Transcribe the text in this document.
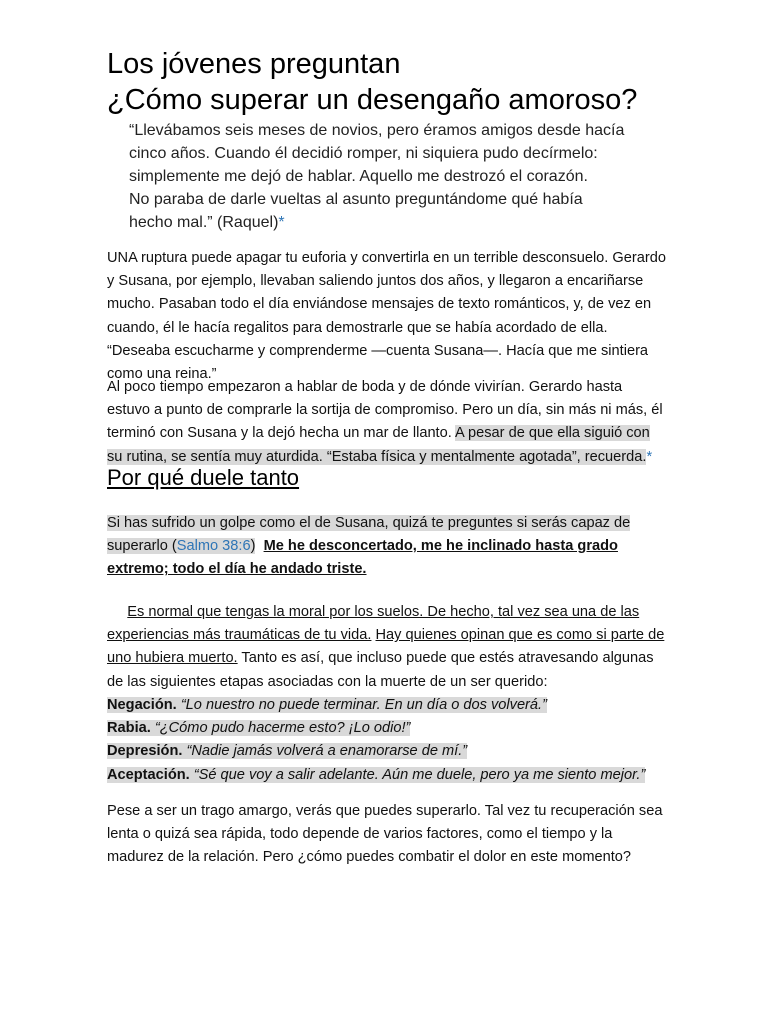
Los jóvenes preguntan
¿Cómo superar un desengaño amoroso?

“Llevábamos seis meses de novios, pero éramos amigos desde hacía
cinco años. Cuando él decidió romper, ni siquiera pudo decírmelo:
simplemente me dejó de hablar. Aquello me destrozó el corazón.
No paraba de darle vueltas al asunto preguntándome qué había
hecho mal.” (Raquel)*

UNA ruptura puede apagar tu euforia y convertirla en un terrible desconsuelo. Gerardo y Susana, por ejemplo, llevaban saliendo juntos dos años, y llegaron a encariñarse mucho. Pasaban todo el día enviándose mensajes de texto románticos, y, de vez en cuando, él le hacía regalitos para demostrarle que se había acordado de ella. “Deseaba escucharme y comprenderme —cuenta Susana—. Hacía que me sintiera como una reina.”

Al poco tiempo empezaron a hablar de boda y de dónde vivirían. Gerardo hasta estuvo a punto de comprarle la sortija de compromiso. Pero un día, sin más ni más, él terminó con Susana y la dejó hecha un mar de llanto. A pesar de que ella siguió con su rutina, se sentía muy aturdida. “Estaba física y mentalmente agotada”, recuerda.*

Por qué duele tanto

Si has sufrido un golpe como el de Susana, quizá te preguntes si serás capaz de superarlo (Salmo 38:6) Me he desconcertado, me he inclinado hasta grado extremo; todo el día he andado triste.

Es normal que tengas la moral por los suelos. De hecho, tal vez sea una de las experiencias más traumáticas de tu vida. Hay quienes opinan que es como si parte de uno hubiera muerto. Tanto es así, que incluso puede que estés atravesando algunas de las siguientes etapas asociadas con la muerte de un ser querido:

Negación. “Lo nuestro no puede terminar. En un día o dos volverá.”
Rabia. “¿Cómo pudo hacerme esto? ¡Lo odio!”
Depresión. “Nadie jamás volverá a enamorarse de mí.”
Aceptación. “Sé que voy a salir adelante. Aún me duele, pero ya me siento mejor.”

Pese a ser un trago amargo, verás que puedes superarlo. Tal vez tu recuperación sea lenta o quizá sea rápida, todo depende de varios factores, como el tiempo y la madurez de la relación. Pero ¿cómo puedes combatir el dolor en este momento?
